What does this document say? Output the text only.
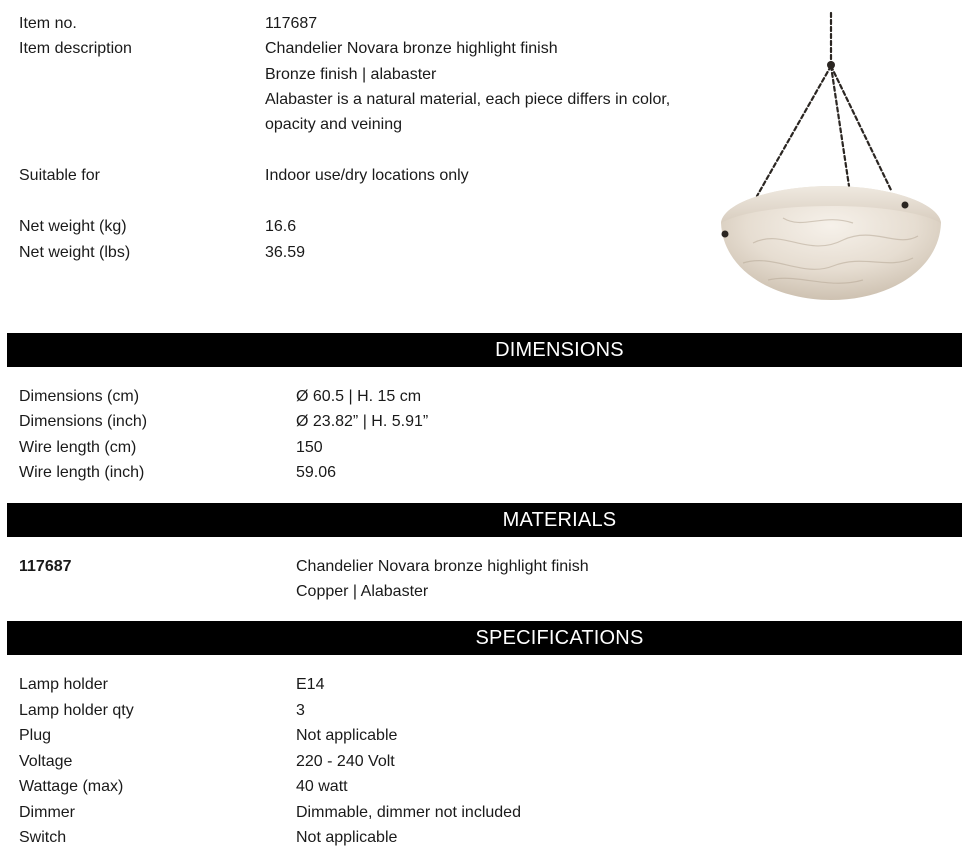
Item no.	117687
Item description	Chandelier Novara bronze highlight finish
Bronze finish | alabaster
Alabaster is a natural material, each piece differs in color,
opacity and veining
Suitable for	Indoor use/dry locations only
Net weight (kg)	16.6
Net weight (lbs)	36.59
DIMENSIONS
Dimensions (cm)	Ø 60.5 | H. 15 cm
Dimensions (inch)	Ø 23.82” | H. 5.91”
Wire length (cm)	150
Wire length (inch)	59.06
MATERIALS
117687	Chandelier Novara bronze highlight finish
Copper | Alabaster
SPECIFICATIONS
Lamp holder	E14
Lamp holder qty	3
Plug	Not applicable
Voltage	220 - 240 Volt
Wattage (max)	40 watt
Dimmer	Dimmable, dimmer not included
Switch	Not applicable
